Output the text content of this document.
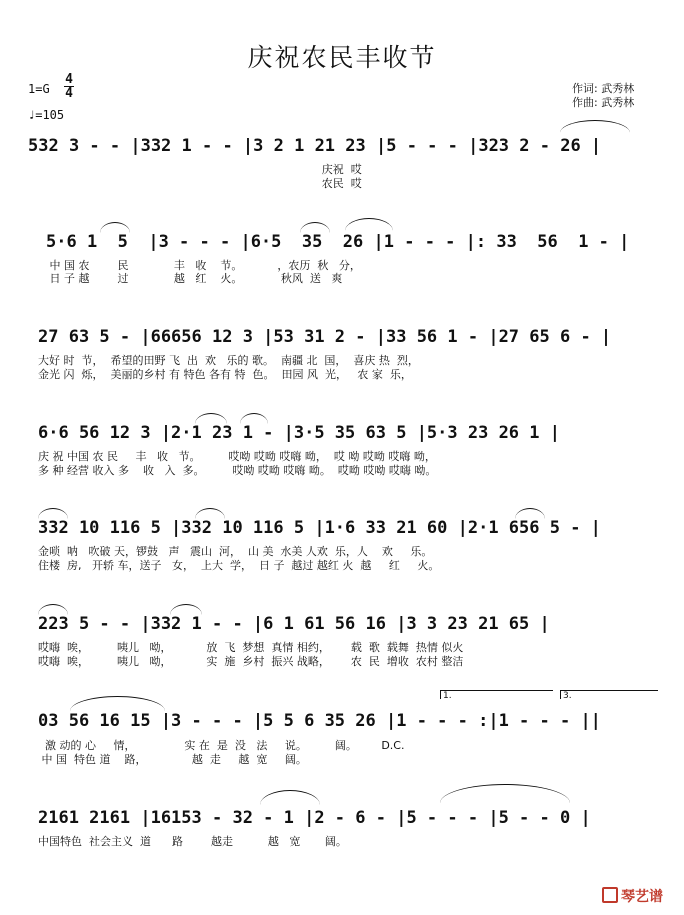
庆祝农民丰收节
1=G
4
4
♩=105
作词: 武秀林
作曲: 武秀林
532 3 - - |332 1 - - |3 2 1 21 23 |5 - - - |323 2 - 26 |
庆祝  哎
农民  哎
5·6 1  5  |3 - - - |6·5  35  26 |1 - - - |: 33  56  1 - |
中 国 农        民             丰   收    节。          ，农历  秋   分，
日 子 越        过             越   红    火。           秋风  送   爽
27 63 5 - |66656 12 3 |53 31 2 - |33 56 1 - |27 65 6 - |
大好 时  节，  希望的田野 飞  出  欢   乐的 歌。  南疆 北  国，  喜庆 热  烈，
金光 闪  烁，  美丽的乡村 有 特色 各有 特  色。  田园 风  光，   农 家  乐，
6·6 56 12 3 |2·1 23 1 - |3·5 35 63 5 |5·3 23 26 1 |
庆 祝 中国 农 民     丰   收   节。        哎呦 哎呦 哎嗨 呦，  哎 呦 哎呦 哎嗨 呦，
多 种 经营 收入 多    收   入  多。        哎呦 哎呦 哎嗨 呦。  哎呦 哎呦 哎嗨 呦。
332 10 116 5 |332 10 116 5 |1·6 33 21 60 |2·1 656 5 - |
金唢  呐   吹破 天，锣鼓   声   震山  河，  山 美  水美 人欢  乐，人    欢     乐。
住楼  房,   开轿 车，送子   女，  上大  学，  日 子  越过 越红 火  越     红     火。
223 5 - - |332 1 - - |6 1 61 56 16 |3 3 23 21 65 |
哎嗨  唉，        咦儿   呦，          放  飞  梦想  真情 相约，      载  歌  载舞  热情 似火
哎嗨  唉，        咦儿   呦，          实  施  乡村  振兴 战略，      农  民  增收  农村 整洁
1.	3.
03 56 16 15 |3 - - - |5 5 6 35 26 |1 - - - :|1 - - - ||
激 动的 心     情，              实 在  是  没   法     说。        阔。       D.C.
中 国  特色 道    路，             越  走     越  宽     阔。
2161 2161 |16153 - 32 - 1 |2 - 6 - |5 - - - |5 - - 0 |
中国特色  社会主义  道      路        越走          越   宽       阔。
琴艺谱
